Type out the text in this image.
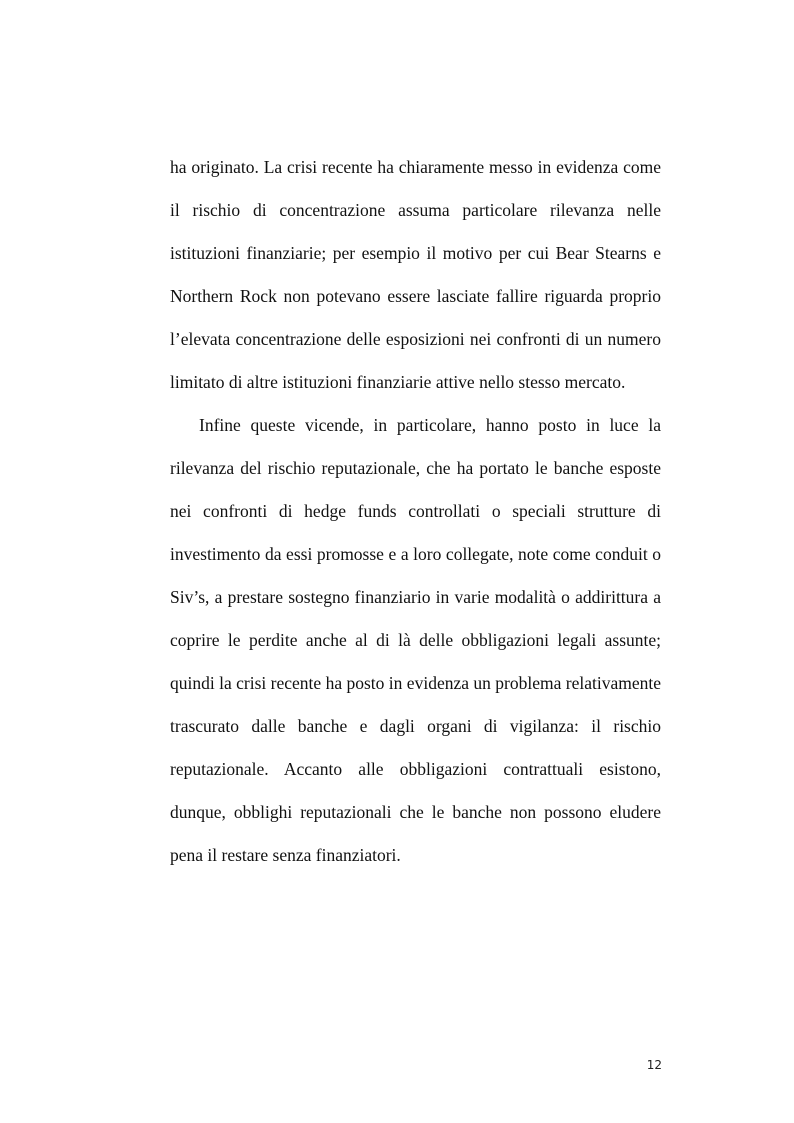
ha originato. La crisi recente ha chiaramente messo in evidenza come il rischio di concentrazione assuma particolare rilevanza nelle istituzioni finanziarie; per esempio il motivo per cui Bear Stearns e Northern Rock non potevano essere lasciate fallire riguarda proprio l’elevata concentrazione delle esposizioni nei confronti di un numero limitato di altre istituzioni finanziarie attive nello stesso mercato.

Infine queste vicende, in particolare, hanno posto in luce la rilevanza del rischio reputazionale, che ha portato le banche esposte nei confronti di hedge funds controllati o speciali strutture di investimento da essi promosse e a loro collegate, note come conduit o Siv’s, a prestare sostegno finanziario in varie modalità o addirittura a coprire le perdite anche al di là delle obbligazioni legali assunte; quindi la crisi recente ha posto in evidenza un problema relativamente trascurato dalle banche e dagli organi di vigilanza: il rischio reputazionale. Accanto alle obbligazioni contrattuali esistono, dunque, obblighi reputazionali che le banche non possono eludere pena il restare senza finanziatori.

12
